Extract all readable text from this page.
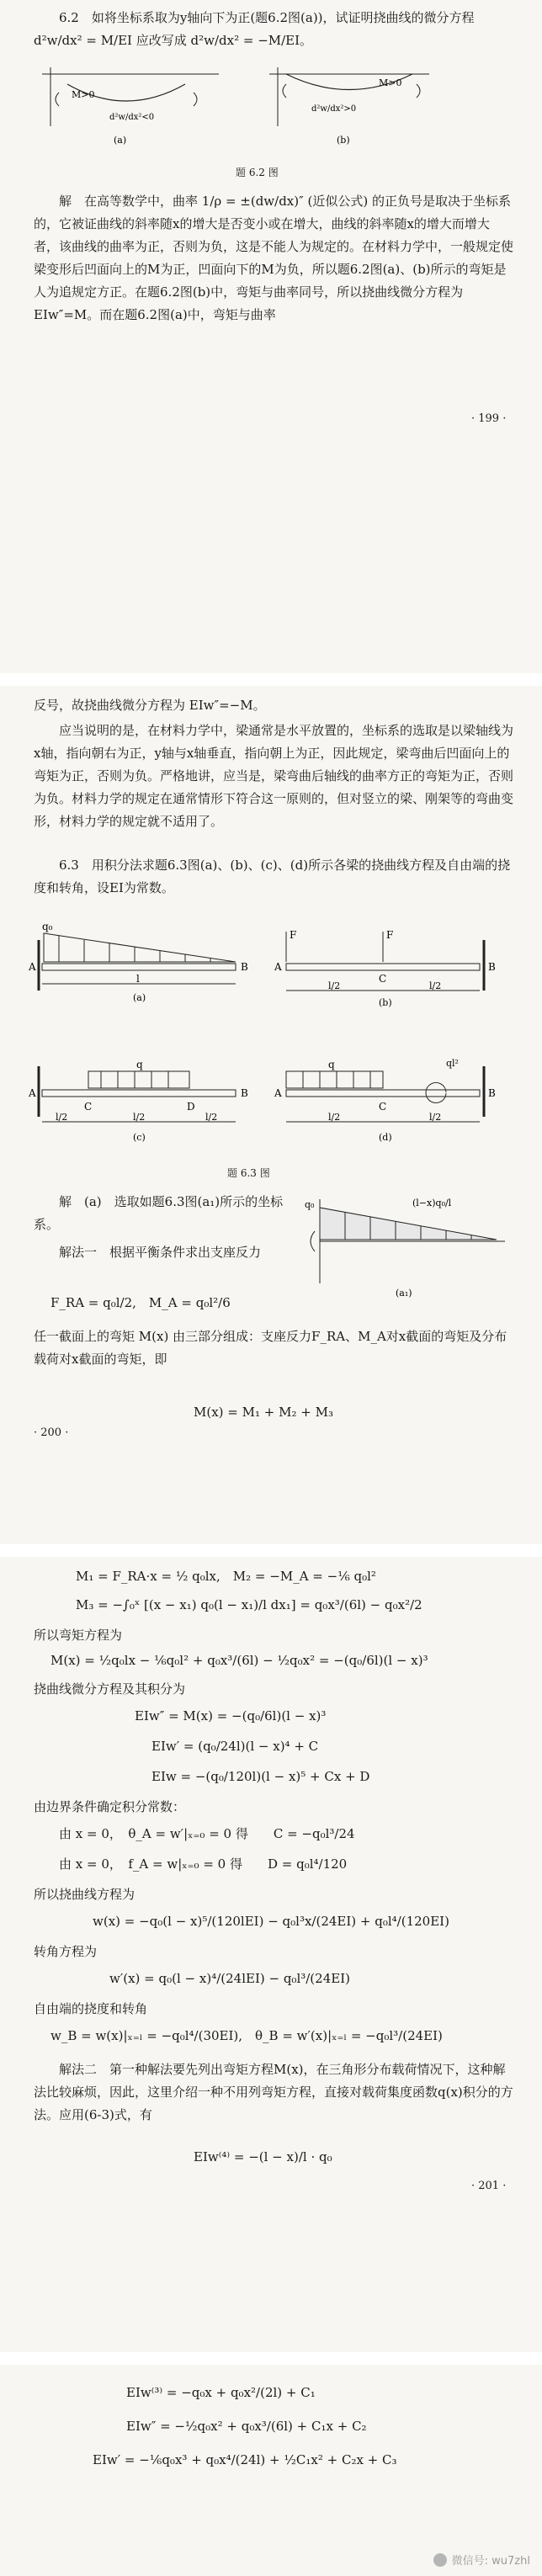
6.2　如将坐标系取为y轴向下为正(题6.2图(a))，试证明挠曲线的微分方程 d²w/dx² = M/EI 应改写成 d²w/dx² = −M/EI。
M>0
d²w/dx²<0
(a)
M>0
d²w/dx²>0
(b)
题 6.2 图
解　在高等数学中，曲率 1/ρ = ±(dw/dx)″ (近似公式) 的正负号是取决于坐标系的，它被证曲线的斜率随x的增大是否变小或在增大，曲线的斜率随x的增大而增大者，该曲线的曲率为正，否则为负，这是不能人为规定的。在材料力学中，一般规定使梁变形后凹面向上的M为正，凹面向下的M为负，所以题6.2图(a)、(b)所示的弯矩是人为追规定方正。在题6.2图(b)中，弯矩与曲率同号，所以挠曲线微分方程为 EIw″=M。而在题6.2图(a)中，弯矩与曲率
· 199 ·
反号，故挠曲线微分方程为 EIw″=−M。
应当说明的是，在材料力学中，梁通常是水平放置的，坐标系的选取是以梁轴线为x轴，指向朝右为正，y轴与x轴垂直，指向朝上为正，因此规定，梁弯曲后凹面向上的弯矩为正，否则为负。严格地讲，应当是，梁弯曲后轴线的曲率方正的弯矩为正，否则为负。材料力学的规定在通常情形下符合这一原则的，但对竖立的梁、刚架等的弯曲变形，材料力学的规定就不适用了。
6.3　用积分法求题6.3图(a)、(b)、(c)、(d)所示各梁的挠曲线方程及自由端的挠度和转角，设EI为常数。
q₀
A	B
l
(a)
F	F
A
C
B
l/2	l/2
(b)
q
A
C	D
B
l/2	l/2	l/2
(c)
q	ql²
A
C
B
l/2	l/2
(d)
题 6.3 图
解　(a)　选取如题6.3图(a₁)所示的坐标系。
解法一　根据平衡条件求出支座反力
F_RA = q₀l/2,　M_A = q₀l²/6
(l−x)q₀/l
q₀
(a₁)
任一截面上的弯矩 M(x) 由三部分组成：支座反力F_RA、M_A对x截面的弯矩及分布载荷对x截面的弯矩，即
M(x) = M₁ + M₂ + M₃
· 200 ·
M₁ = F_RA·x = ½ q₀lx,　M₂ = −M_A = −⅙ q₀l²
M₃ = −∫₀ˣ [(x − x₁) q₀(l − x₁)/l dx₁] = q₀x³/(6l) − q₀x²/2
所以弯矩方程为
M(x) = ½q₀lx − ⅙q₀l² + q₀x³/(6l) − ½q₀x² = −(q₀/6l)(l − x)³
挠曲线微分方程及其积分为
EIw″ = M(x) = −(q₀/6l)(l − x)³
EIw′ = (q₀/24l)(l − x)⁴ + C
EIw = −(q₀/120l)(l − x)⁵ + Cx + D
由边界条件确定积分常数：
由 x = 0，　θ_A = w′|ₓ₌₀ = 0 得　　C = −q₀l³/24
由 x = 0，　f_A = w|ₓ₌₀ = 0 得　　D = q₀l⁴/120
所以挠曲线方程为
w(x) = −q₀(l − x)⁵/(120lEI) − q₀l³x/(24EI) + q₀l⁴/(120EI)
转角方程为
w′(x) = q₀(l − x)⁴/(24lEI) − q₀l³/(24EI)
自由端的挠度和转角
w_B = w(x)|ₓ₌ₗ = −q₀l⁴/(30EI),　θ_B = w′(x)|ₓ₌ₗ = −q₀l³/(24EI)
解法二　第一种解法要先列出弯矩方程M(x)，在三角形分布载荷情况下，这种解法比较麻烦，因此，这里介绍一种不用列弯矩方程，直接对载荷集度函数q(x)积分的方法。应用(6-3)式，有
EIw⁽⁴⁾ = −(l − x)/l · q₀
· 201 ·
EIw⁽³⁾ = −q₀x + q₀x²/(2l) + C₁
EIw″ = −½q₀x² + q₀x³/(6l) + C₁x + C₂
EIw′ = −⅙q₀x³ + q₀x⁴/(24l) + ½C₁x² + C₂x + C₃
微信号: wu7zhl
